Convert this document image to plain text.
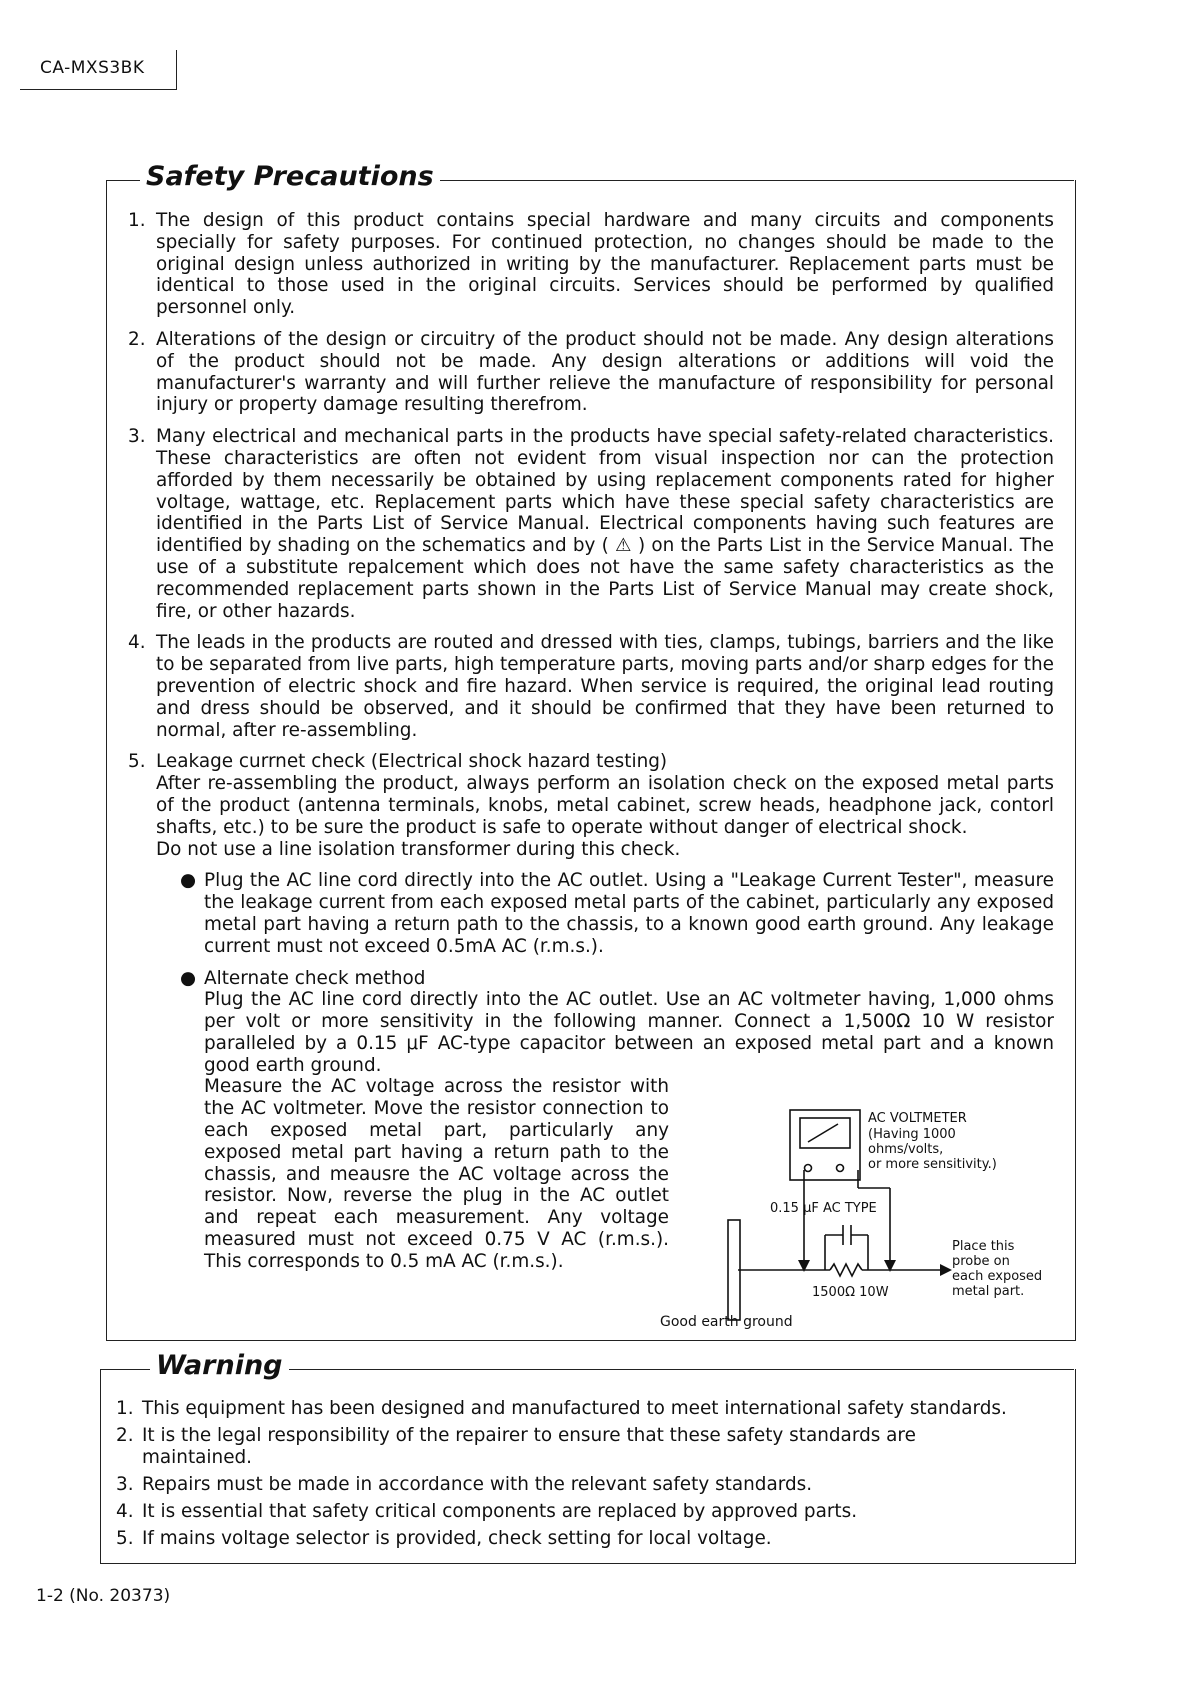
CA-MXS3BK
Safety Precautions
1. The design of this product contains special hardware and many circuits and components specially for safety purposes. For continued protection, no changes should be made to the original design unless authorized in writing by the manufacturer. Replacement parts must be identical to those used in the original circuits. Services should be performed by qualified personnel only.

2. Alterations of the design or circuitry of the product should not be made. Any design alterations of the product should not be made. Any design alterations or additions will void the manufacturer's warranty and will further relieve the manufacture of responsibility for personal injury or property damage resulting therefrom.

3. Many electrical and mechanical parts in the products have special safety-related characteristics. These characteristics are often not evident from visual inspection nor can the protection afforded by them necessarily be obtained by using replacement components rated for higher voltage, wattage, etc. Replacement parts which have these special safety characteristics are identified in the Parts List of Service Manual. Electrical components having such features are identified by shading on the schematics and by ( ⚠ ) on the Parts List in the Service Manual. The use of a substitute repalcement which does not have the same safety characteristics as the recommended replacement parts shown in the Parts List of Service Manual may create shock, fire, or other hazards.

4. The leads in the products are routed and dressed with ties, clamps, tubings, barriers and the like to be separated from live parts, high temperature parts, moving parts and/or sharp edges for the prevention of electric shock and fire hazard. When service is required, the original lead routing and dress should be observed, and it should be confirmed that they have been returned to normal, after re-assembling.

5. Leakage currnet check (Electrical shock hazard testing)

After re-assembling the product, always perform an isolation check on the exposed metal parts of the product (antenna terminals, knobs, metal cabinet, screw heads, headphone jack, contorl shafts, etc.) to be sure the product is safe to operate without danger of electrical shock.

Do not use a line isolation transformer during this check.

● Plug the AC line cord directly into the AC outlet. Using a "Leakage Current Tester", measure the leakage current from each exposed metal parts of the cabinet, particularly any exposed metal part having a return path to the chassis, to a known good earth ground. Any leakage current must not exceed 0.5mA AC (r.m.s.).

● Alternate check method

Plug the AC line cord directly into the AC outlet. Use an AC voltmeter having, 1,000 ohms per volt or more sensitivity in the following manner. Connect a 1,500Ω 10 W resistor paralleled by a 0.15 μF AC-type capacitor between an exposed metal part and a known good earth ground.

Measure the AC voltage across the resistor with the AC voltmeter. Move the resistor connection to each exposed metal part, particularly any exposed metal part having a return path to the chassis, and meausre the AC voltage across the resistor. Now, reverse the plug in the AC outlet and repeat each measurement. Any voltage measured must not exceed 0.75 V AC (r.m.s.). This corresponds to 0.5 mA AC (r.m.s.).

AC VOLTMETER
(Having 1000
ohms/volts,
or more sensitivity.)
0.15 μF AC TYPE
1500Ω 10W
Place this
probe on
each exposed
metal part.
Good earth ground
Warning
1. This equipment has been designed and manufactured to meet international safety standards.
2. It is the legal responsibility of the repairer to ensure that these safety standards are maintained.
3. Repairs must be made in accordance with the relevant safety standards.
4. It is essential that safety critical components are replaced by approved parts.
5. If mains voltage selector is provided, check setting for local voltage.
1-2 (No. 20373)
